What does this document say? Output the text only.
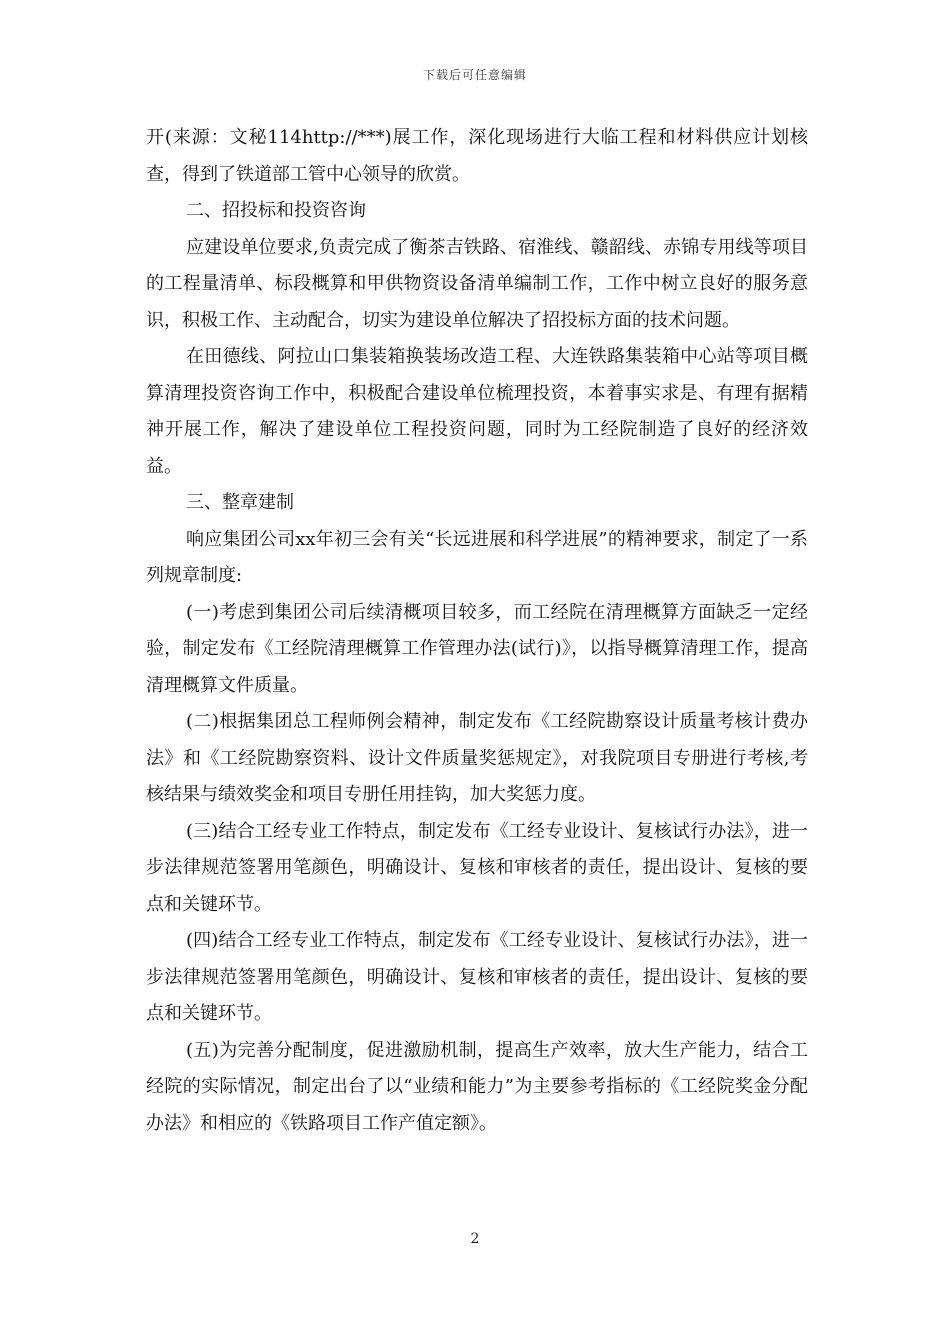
下载后可任意编辑

开(来源：文秘114http://***)展工作，深化现场进行大临工程和材料供应计划核查，得到了铁道部工管中心领导的欣赏。

二、招投标和投资咨询

应建设单位要求,负责完成了衡茶吉铁路、宿淮线、赣韶线、赤锦专用线等项目的工程量清单、标段概算和甲供物资设备清单编制工作，工作中树立良好的服务意识，积极工作、主动配合，切实为建设单位解决了招投标方面的技术问题。

在田德线、阿拉山口集装箱换装场改造工程、大连铁路集装箱中心站等项目概算清理投资咨询工作中，积极配合建设单位梳理投资，本着事实求是、有理有据精神开展工作，解决了建设单位工程投资问题，同时为工经院制造了良好的经济效益。

三、整章建制

响应集团公司xx年初三会有关“长远进展和科学进展”的精神要求，制定了一系列规章制度:

(一)考虑到集团公司后续清概项目较多，而工经院在清理概算方面缺乏一定经验，制定发布《工经院清理概算工作管理办法(试行)》，以指导概算清理工作，提高清理概算文件质量。

(二)根据集团总工程师例会精神，制定发布《工经院勘察设计质量考核计费办法》和《工经院勘察资料、设计文件质量奖惩规定》，对我院项目专册进行考核,考核结果与绩效奖金和项目专册任用挂钩，加大奖惩力度。

(三)结合工经专业工作特点，制定发布《工经专业设计、复核试行办法》，进一步法律规范签署用笔颜色，明确设计、复核和审核者的责任，提出设计、复核的要点和关键环节。

(四)结合工经专业工作特点，制定发布《工经专业设计、复核试行办法》，进一步法律规范签署用笔颜色，明确设计、复核和审核者的责任，提出设计、复核的要点和关键环节。

(五)为完善分配制度，促进激励机制，提高生产效率，放大生产能力，结合工经院的实际情况，制定出台了以“业绩和能力”为主要参考指标的《工经院奖金分配办法》和相应的《铁路项目工作产值定额》。

2
